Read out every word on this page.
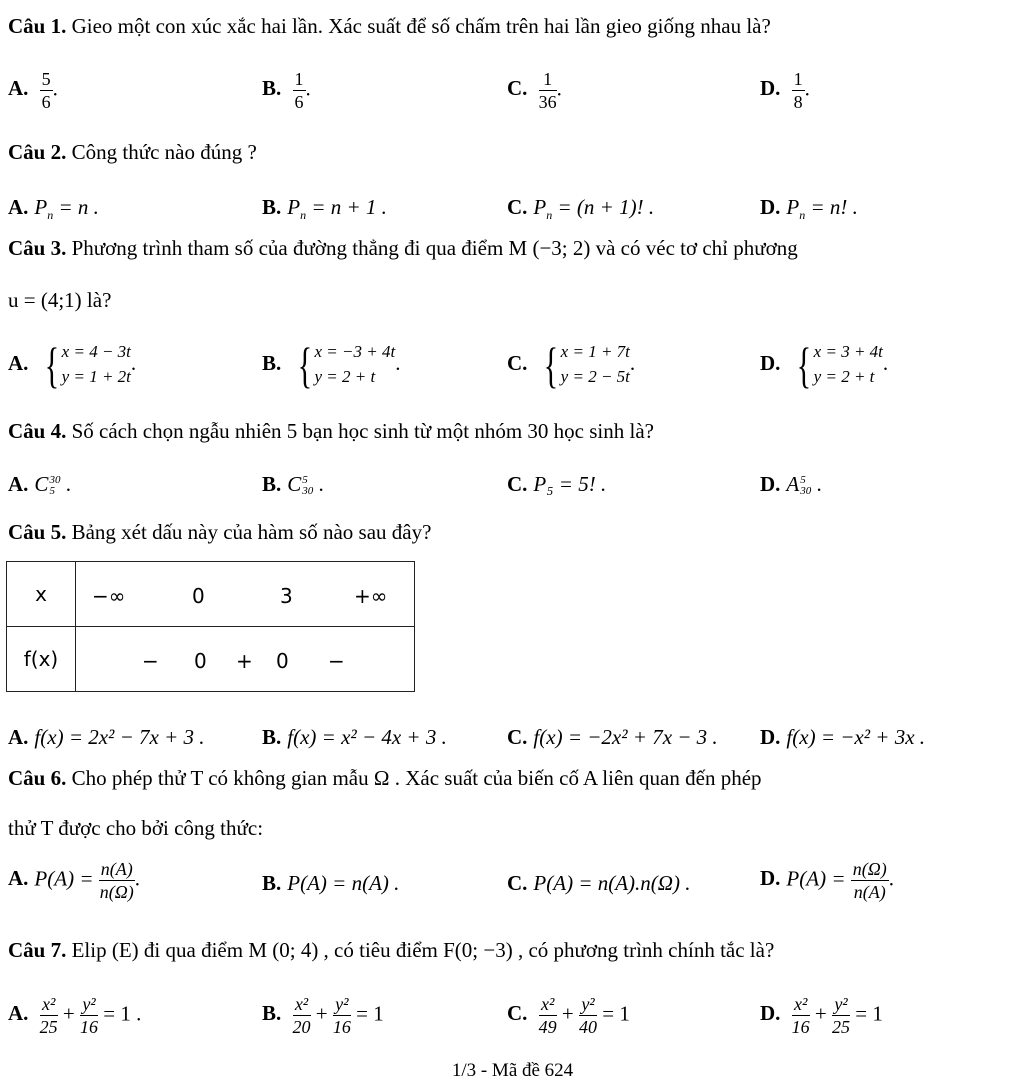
Câu 1. Gieo một con xúc xắc hai lần. Xác suất để số chấm trên hai lần gieo giống nhau là?
A. $\frac{5}{6}$ .	B. $\frac{1}{6}$ .	C. $\frac{1}{36}$ .	D. $\frac{1}{8}$ .
Câu 2. Công thức nào đúng ?
A. $P_n = n$ .	B. $P_n = n + 1$ .	C. $P_n = (n + 1)$! .	D. $P_n = n$! .
Câu 3. Phương trình tham số của đường thẳng đi qua điểm M (−3; 2) và có véc tơ chỉ phương
u = (4;1) là?
A. { x = 4 − 3t
y = 1 + 2t
.	B. { x = −3 + 4t
y = 2 + t
.	C. { x = 1 + 7t
y = 2 − 5t
.	D. { x = 3 + 4t
y = 2 + t
.
Câu 4. Số cách chọn ngẫu nhiên 5 bạn học sinh từ một nhóm 30 học sinh là?
A. C 30
5 .	B. C 5
30 .	C. P₅ = 5! .	D. A 5
30 .
Câu 5. Bảng xét dấu này của hàm số nào sau đây?
x	−∞ 0 3 +∞

f(x)	− 0 + 0 −
A. f(x) = 2x² − 7x + 3 .	B. f(x) = x² − 4x + 3 .	C. f(x) = −2x² + 7x − 3 . D. f(x) = −x² + 3x .
Câu 6. Cho phép thử T có không gian mẫu Ω . Xác suất của biến cố A liên quan đến phép
thử T được cho bởi công thức:
A. $P(A) = \frac{n(A)}{n(\Omega)}$ .	B. P(A) = n(A) .	C. P(A) = n(A).n(Ω) .	D. $P(A) = \frac{n(\Omega)}{n(A)}$ .
Câu 7. Elip (E) đi qua điểm M (0; 4) , có tiêu điểm F(0; −3) , có phương trình chính tắc là?
A. $\frac{\text{x²}}{25} + \frac{\text{y²}}{16} = 1$ .	B. $\frac{\text{x²}}{20} + \frac{\text{y²}}{16} = 1$	C. $\frac{\text{x²}}{49} + \frac{\text{y²}}{40} = 1$	D. $\frac{\text{x²}}{16} + \frac{\text{y²}}{25} = 1$
1/3 - Mã đề 624
